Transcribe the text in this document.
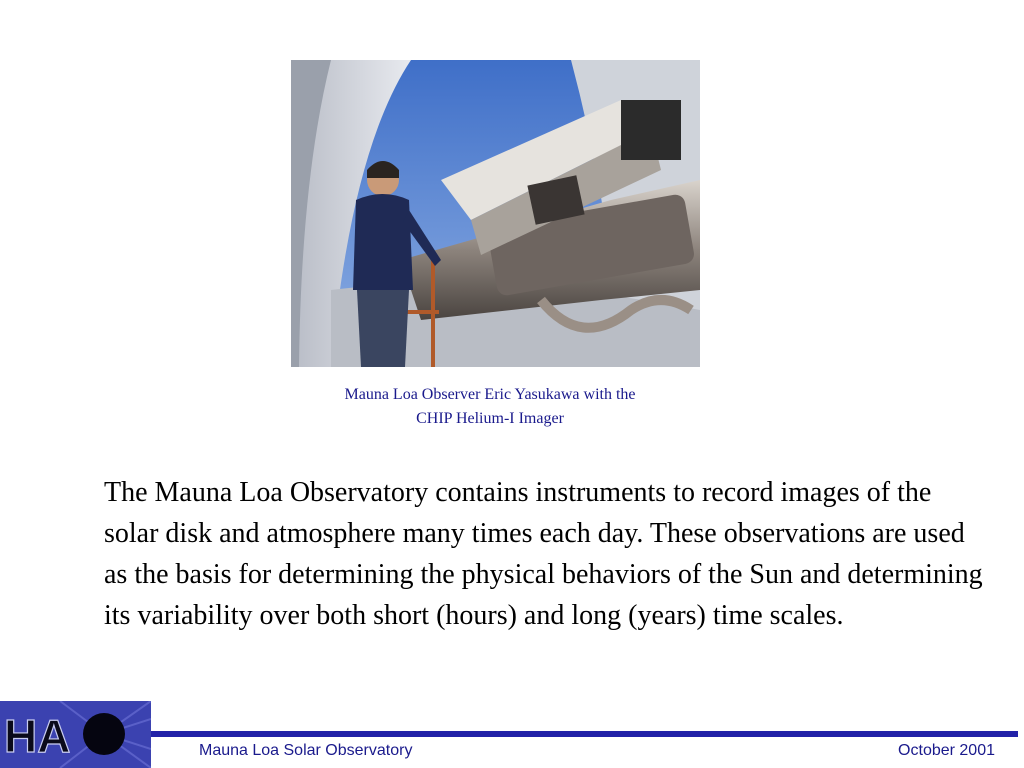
Mauna Loa Observer Eric Yasukawa with the
CHIP Helium-I Imager

The Mauna Loa Observatory contains instruments to record images of the solar disk and atmosphere many times each day. These observations are used as the basis for determining the physical behaviors of the Sun and determining its variability over both short (hours) and long (years) time scales.

HA	Mauna Loa Solar Observatory	October 2001
